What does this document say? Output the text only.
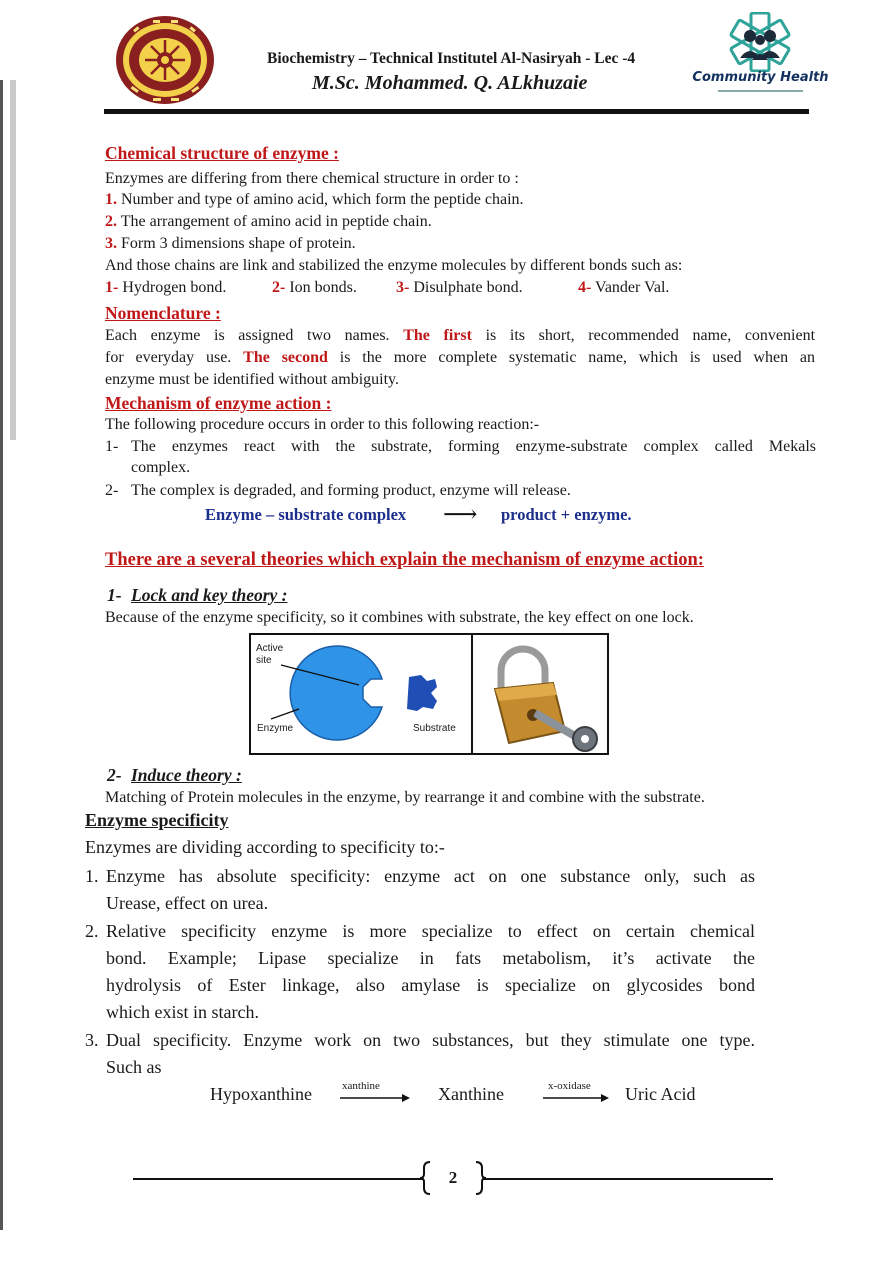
Biochemistry – Technical Institutel Al-Nasiryah - Lec -4
M.Sc. Mohammed. Q. ALkhuzaie	Community Health
Chemical structure of enzyme :
Enzymes are differing from there chemical structure in order to :
1. Number and type of amino acid, which form the peptide chain.
2. The arrangement of amino acid in peptide chain.
3. Form 3 dimensions shape of protein.
And those chains are link and stabilized the enzyme molecules by different bonds such as:
1- Hydrogen bond.	2- Ion bonds. 3- Disulphate bond.	4- Vander Val.
Nomenclature :
Each enzyme is assigned two names. The first is its short, recommended name, convenient
for everyday use. The second is the more complete systematic name, which is used when an
enzyme must be identified without ambiguity.
Mechanism of enzyme action :
The following procedure occurs in order to this following reaction:-
1- The enzymes react with the substrate, forming enzyme-substrate complex called Mekals
complex.
2- The complex is degraded, and forming product, enzyme will release.
Enzyme – substrate complex ⟶ product + enzyme.
There are a several theories which explain the mechanism of enzyme action:
1- Lock and key theory :
Because of the enzyme specificity, so it combines with substrate, the key effect on one lock.
Active
site
Enzyme	Substrate
2- Induce theory :
Matching of Protein molecules in the enzyme, by rearrange it and combine with the substrate.
Enzyme specificity
Enzymes are dividing according to specificity to:-
1. Enzyme has absolute specificity: enzyme act on one substance only, such as
Urease, effect on urea.
2. Relative specificity enzyme is more specialize to effect on certain chemical
bond. Example; Lipase specialize in fats metabolism, it’s activate the
hydrolysis of Ester linkage, also amylase is specialize on glycosides bond
which exist in starch.
3. Dual specificity. Enzyme work on two substances, but they stimulate one type.
Such as
Hypoxanthine	xanthine	Xanthine	x-oxidase Uric Acid
2
